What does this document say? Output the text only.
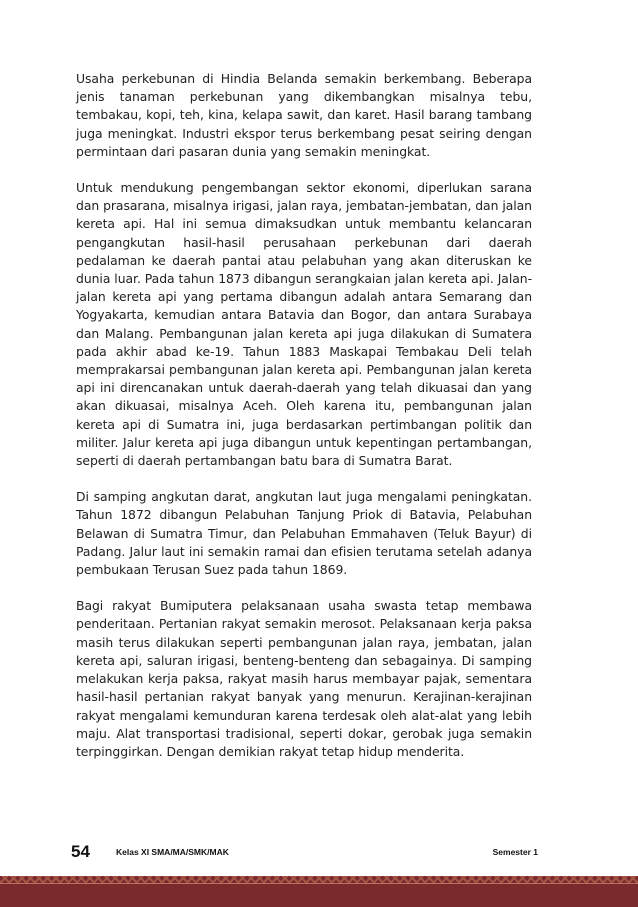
Usaha perkebunan di Hindia Belanda semakin berkembang. Beberapa jenis tanaman perkebunan yang dikembangkan misalnya tebu, tembakau, kopi, teh, kina, kelapa sawit, dan karet. Hasil barang tambang juga meningkat. Industri ekspor terus berkembang pesat seiring dengan permintaan dari pasaran dunia yang semakin meningkat.

Untuk mendukung pengembangan sektor ekonomi, diperlukan sarana dan prasarana, misalnya irigasi, jalan raya, jembatan-jembatan, dan jalan kereta api. Hal ini semua dimaksudkan untuk membantu kelancaran pengangkutan hasil-hasil perusahaan perkebunan dari daerah pedalaman ke daerah pantai atau pelabuhan yang akan diteruskan ke dunia luar. Pada tahun 1873 dibangun serangkaian jalan kereta api. Jalan-jalan kereta api yang pertama dibangun adalah antara Semarang dan Yogyakarta, kemudian antara Batavia dan Bogor, dan antara Surabaya dan Malang. Pembangunan jalan kereta api juga dilakukan di Sumatera pada akhir abad ke-19. Tahun 1883 Maskapai Tembakau Deli telah memprakarsai pembangunan jalan kereta api. Pembangunan jalan kereta api ini direncanakan untuk daerah-daerah yang telah dikuasai dan yang akan dikuasai, misalnya Aceh. Oleh karena itu, pembangunan jalan kereta api di Sumatra ini, juga berdasarkan pertimbangan politik dan militer. Jalur kereta api juga dibangun untuk kepentingan pertambangan, seperti di daerah pertambangan batu bara di Sumatra Barat.

Di samping angkutan darat, angkutan laut juga mengalami peningkatan. Tahun 1872 dibangun Pelabuhan Tanjung Priok di Batavia, Pelabuhan Belawan di Sumatra Timur, dan Pelabuhan Emmahaven (Teluk Bayur) di Padang. Jalur laut ini semakin ramai dan efisien terutama setelah adanya pembukaan Terusan Suez pada tahun 1869.

Bagi rakyat Bumiputera pelaksanaan usaha swasta tetap membawa penderitaan. Pertanian rakyat semakin merosot. Pelaksanaan kerja paksa masih terus dilakukan seperti pembangunan jalan raya, jembatan, jalan kereta api, saluran irigasi, benteng-benteng dan sebagainya. Di samping melakukan kerja paksa, rakyat masih harus membayar pajak, sementara hasil-hasil pertanian rakyat banyak yang menurun. Kerajinan-kerajinan rakyat mengalami kemunduran karena terdesak oleh alat-alat yang lebih maju. Alat transportasi tradisional, seperti dokar, gerobak juga semakin terpinggirkan. Dengan demikian rakyat tetap hidup menderita.

54	Kelas XI SMA/MA/SMK/MAK	Semester 1
